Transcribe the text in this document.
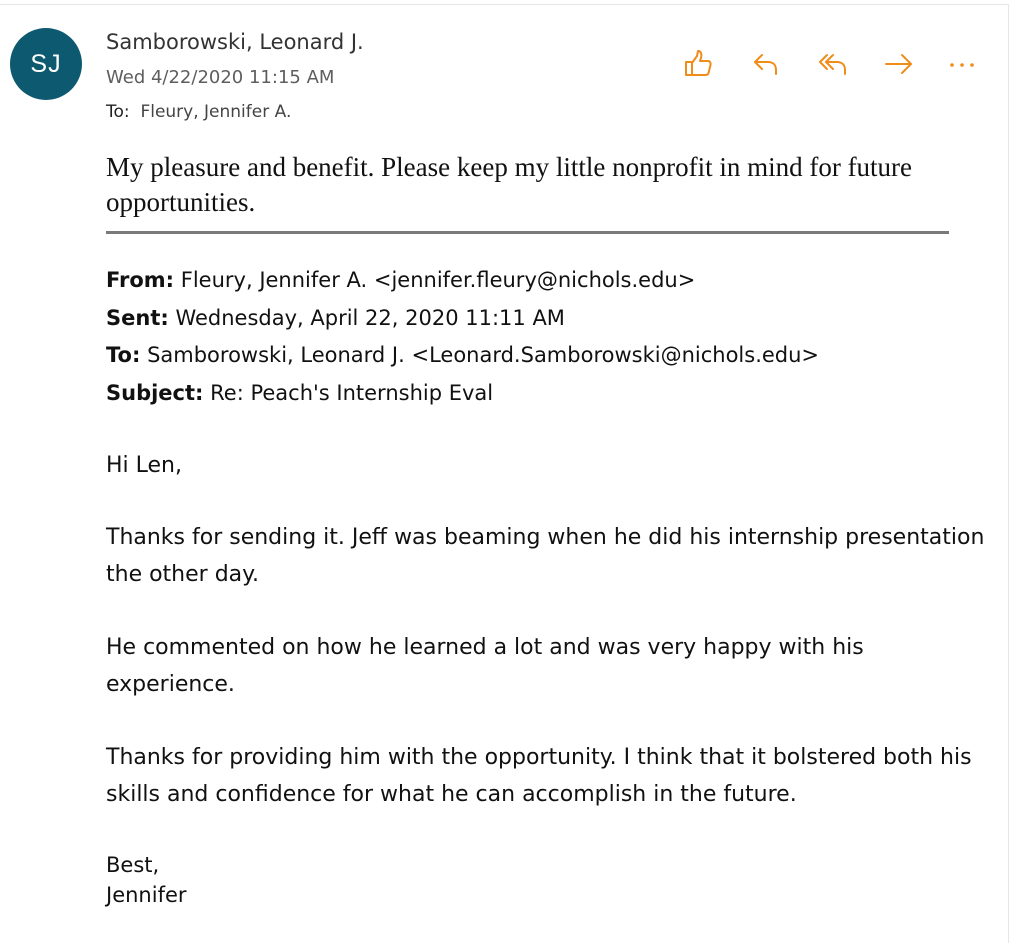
SJ
Samborowski, Leonard J.
Wed 4/22/2020 11:15 AM
To: Fleury, Jennifer A.

My pleasure and benefit. Please keep my little nonprofit in mind for future opportunities.

From: Fleury, Jennifer A. <jennifer.fleury@nichols.edu>
Sent: Wednesday, April 22, 2020 11:11 AM
To: Samborowski, Leonard J. <Leonard.Samborowski@nichols.edu>
Subject: Re: Peach's Internship Eval

Hi Len,

Thanks for sending it. Jeff was beaming when he did his internship presentation the other day.

He commented on how he learned a lot and was very happy with his experience.

Thanks for providing him with the opportunity. I think that it bolstered both his skills and confidence for what he can accomplish in the future.

Best,
Jennifer
